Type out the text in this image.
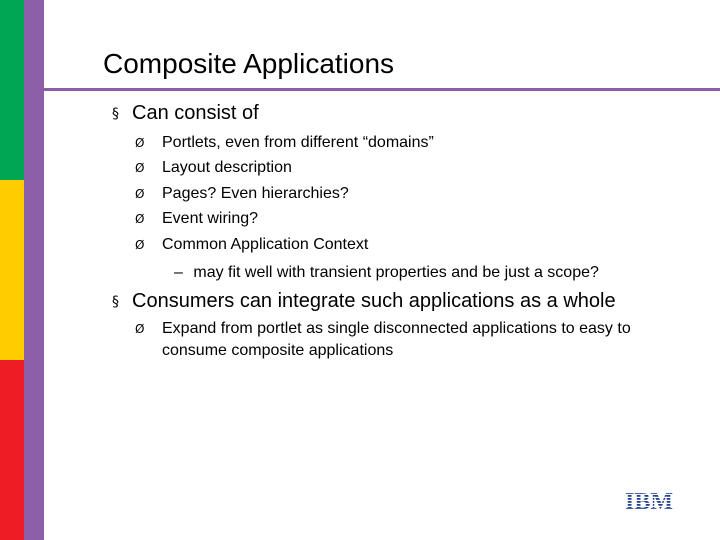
Composite Applications
§ Can consist of
Ø Portlets, even from different “domains”
Ø Layout description
Ø Pages? Even hierarchies?
Ø Event wiring?
Ø Common Application Context
– may fit well with transient properties and be just a scope?
§ Consumers can integrate such applications as a whole
Ø Expand from portlet as single disconnected applications to easy to consume composite applications
IBM
